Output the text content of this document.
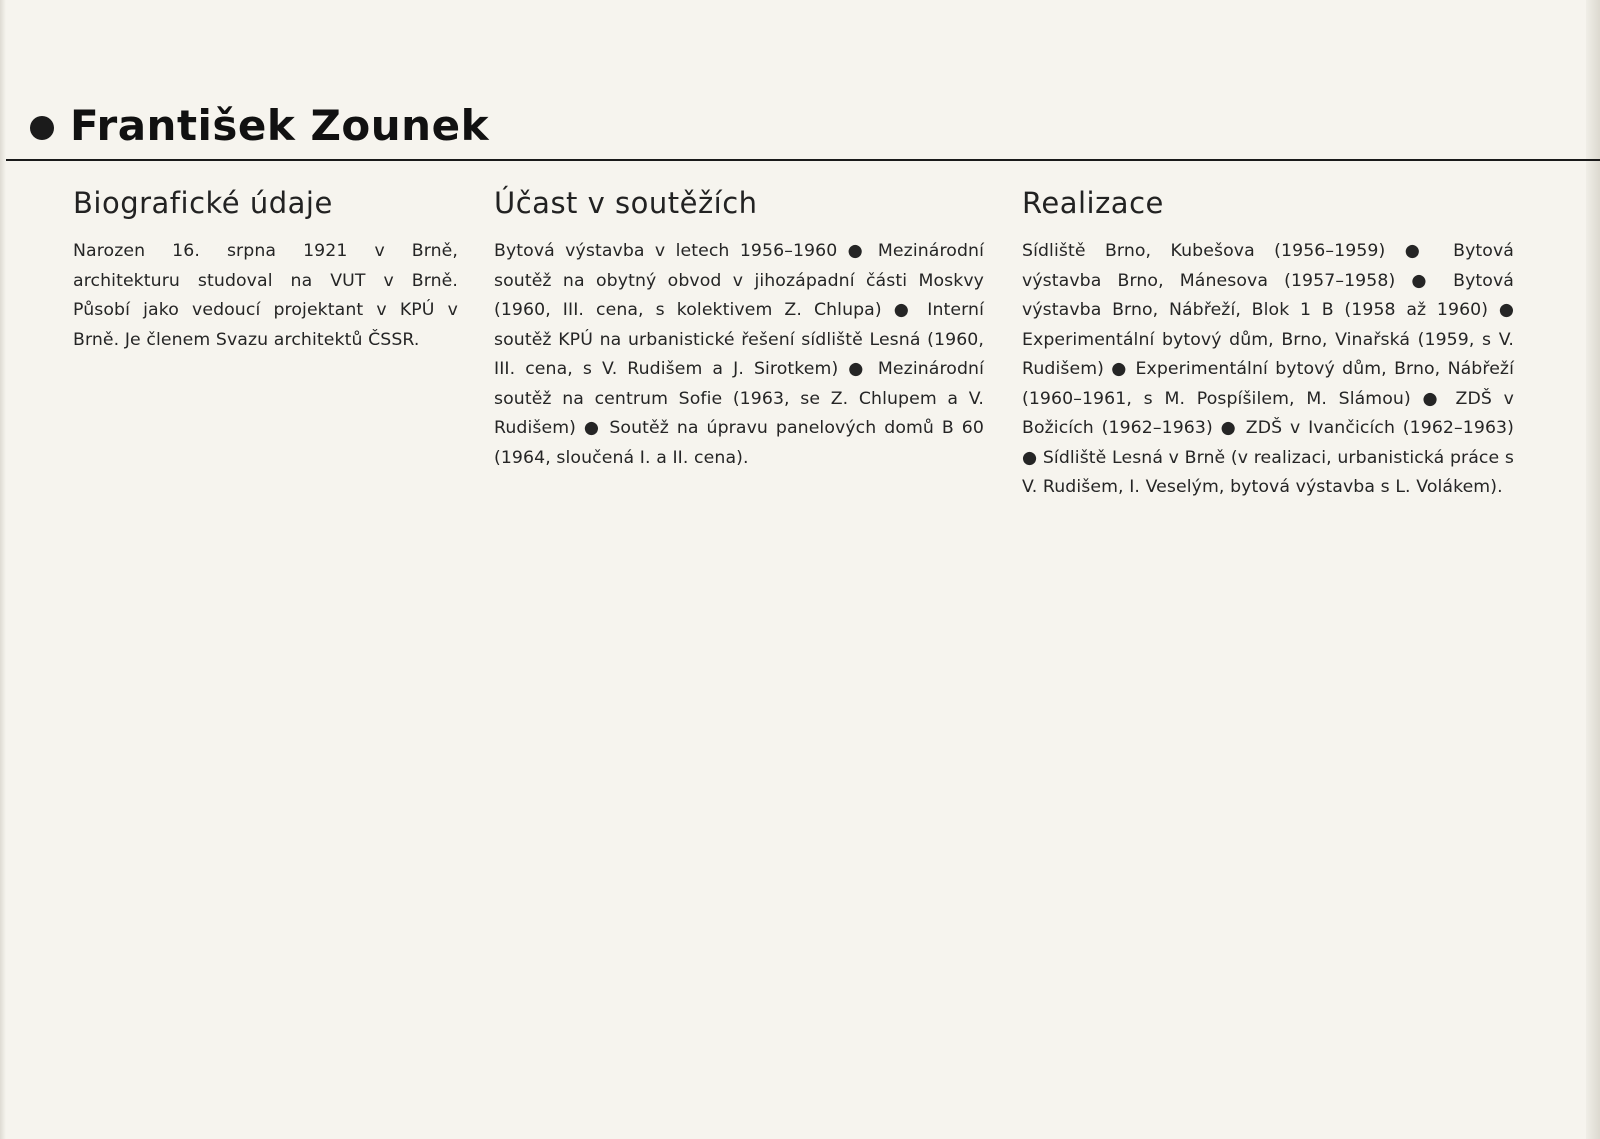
František Zounek
Biografické údaje

Narozen 16. srpna 1921 v Brně, architekturu studoval na VUT v Brně. Působí jako vedoucí projektant v KPÚ v Brně. Je členem Svazu architektů ČSSR.

Účast v soutěžích

Bytová výstavba v letech 1956–1960 ● Mezinárodní soutěž na obytný obvod v jihozápadní části Moskvy (1960, III. cena, s kolektivem Z. Chlupa) ● Interní soutěž KPÚ na urbanistické řešení sídliště Lesná (1960, III. cena, s V. Rudišem a J. Sirotkem) ● Mezinárodní soutěž na centrum Sofie (1963, se Z. Chlupem a V. Rudišem) ● Soutěž na úpravu panelových domů B 60 (1964, sloučená I. a II. cena).

Realizace

Sídliště Brno, Kubešova (1956–1959) ● Bytová výstavba Brno, Mánesova (1957–1958) ● Bytová výstavba Brno, Nábřeží, Blok 1 B (1958 až 1960) ● Experimentální bytový dům, Brno, Vinařská (1959, s V. Rudišem) ● Experimentální bytový dům, Brno, Nábřeží (1960–1961, s M. Pospíšilem, M. Slámou) ● ZDŠ v Božicích (1962–1963) ● ZDŠ v Ivančicích (1962–1963) ● Sídliště Lesná v Brně (v realizaci, urbanistická práce s V. Rudišem, I. Veselým, bytová výstavba s L. Volákem).
